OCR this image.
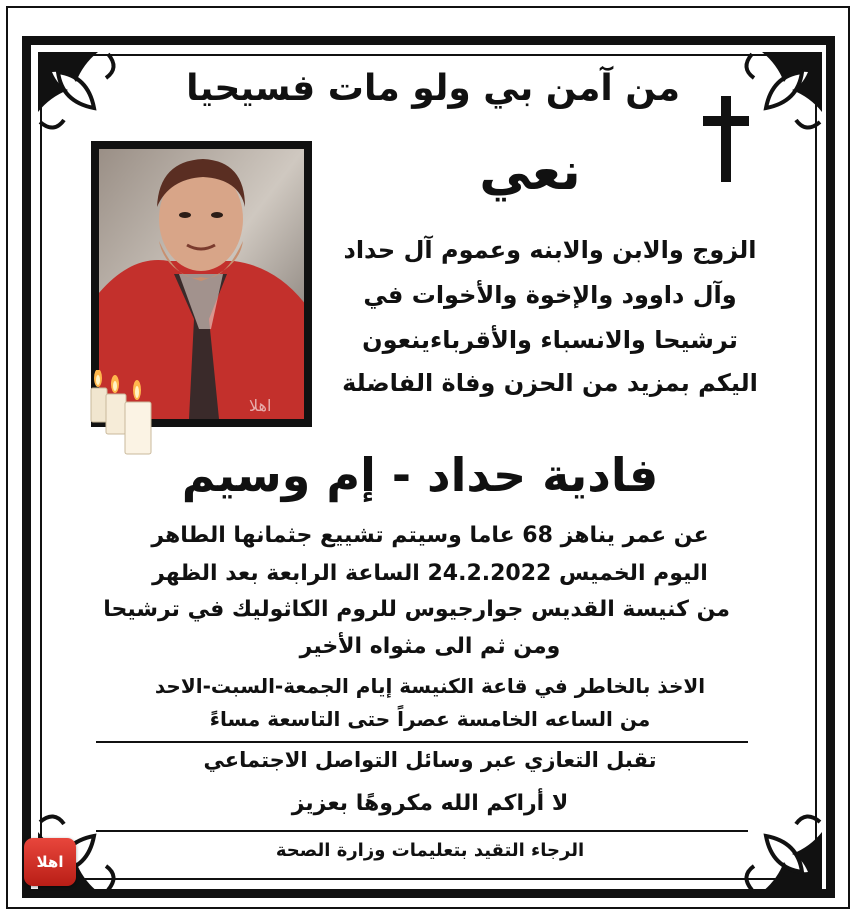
من آمن بي ولو مات فسيحيا
نعي
اهلا
الزوج والابن والابنه وعموم آل حداد
وآل داوود والإخوة والأخوات في
ترشيحا والانسباء والأقرباءينعون
اليكم بمزيد من الحزن وفاة الفاضلة
فادية حداد - إم وسيم
عن عمر يناهز 68 عاما وسيتم تشييع جثمانها الطاهر
اليوم الخميس 24.2.2022 الساعة الرابعة بعد الظهر
من كنيسة القديس جوارجيوس للروم الكاثوليك في ترشيحا
ومن ثم الى مثواه الأخير
الاخذ بالخاطر في قاعة الكنيسة إيام الجمعة-السبت-الاحد
من الساعه الخامسة عصراً حتى التاسعة مساءً
تقبل التعازي عبر وسائل التواصل الاجتماعي
لا أراكم الله مكروهًا بعزيز
الرجاء التقيد بتعليمات وزارة الصحة
اهلا
